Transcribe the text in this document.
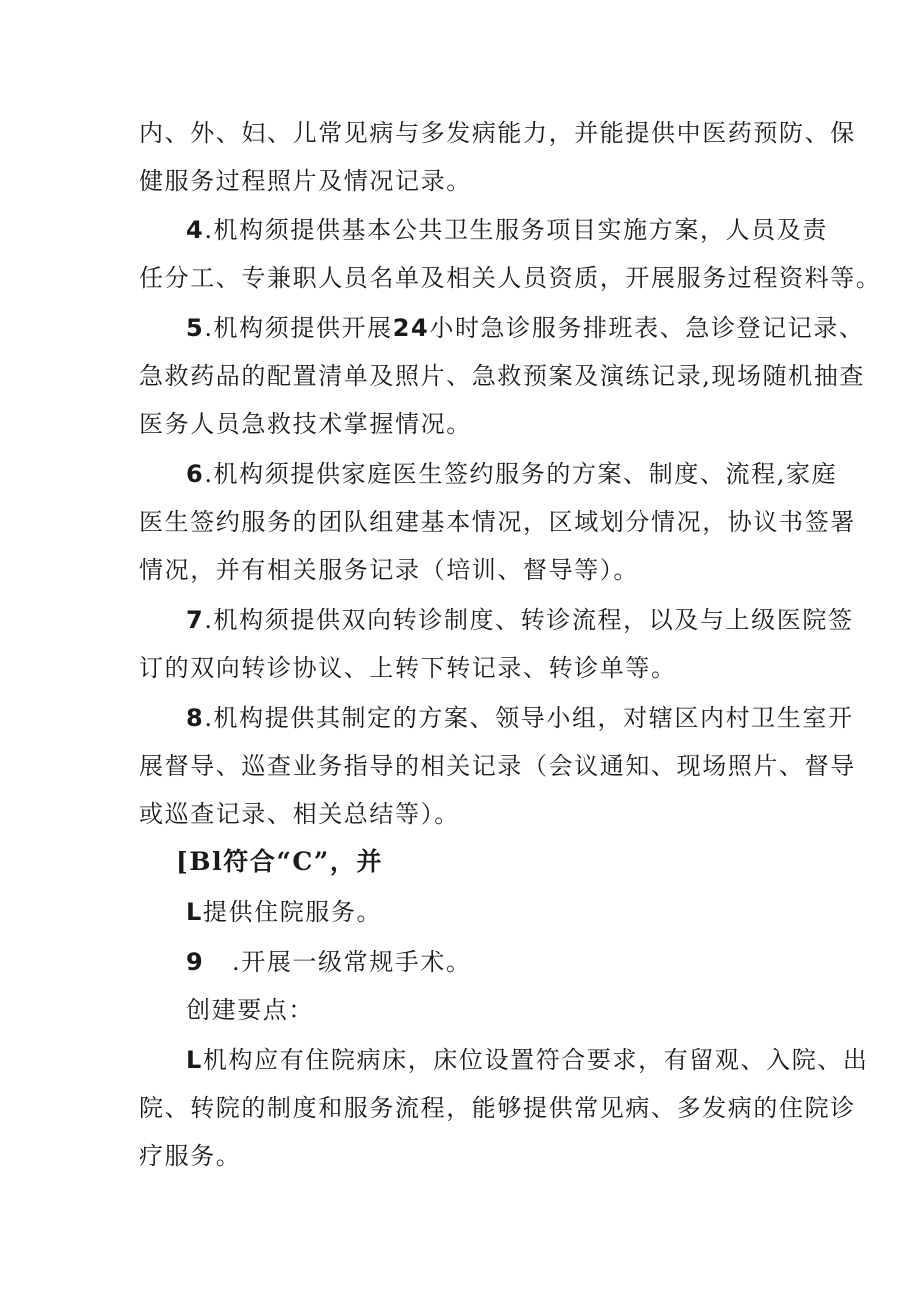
内、外、妇、儿常见病与多发病能力，并能提供中医药预防、保
健服务过程照片及情况记录。
4.机构须提供基本公共卫生服务项目实施方案，人员及责
任分工、专兼职人员名单及相关人员资质，开展服务过程资料等。
5.机构须提供开展24小时急诊服务排班表、急诊登记记录、
急救药品的配置清单及照片、急救预案及演练记录,现场随机抽查
医务人员急救技术掌握情况。
6.机构须提供家庭医生签约服务的方案、制度、流程,家庭
医生签约服务的团队组建基本情况，区域划分情况，协议书签署
情况，并有相关服务记录（培训、督导等）。
7.机构须提供双向转诊制度、转诊流程，以及与上级医院签
订的双向转诊协议、上转下转记录、转诊单等。
8.机构提供其制定的方案、领导小组，对辖区内村卫生室开
展督导、巡查业务指导的相关记录（会议通知、现场照片、督导
或巡查记录、相关总结等）。
[Bl符合“C”，并
L提供住院服务。
9 .开展一级常规手术。
创建要点：
L机构应有住院病床，床位设置符合要求，有留观、入院、出
院、转院的制度和服务流程，能够提供常见病、多发病的住院诊
疗服务。
